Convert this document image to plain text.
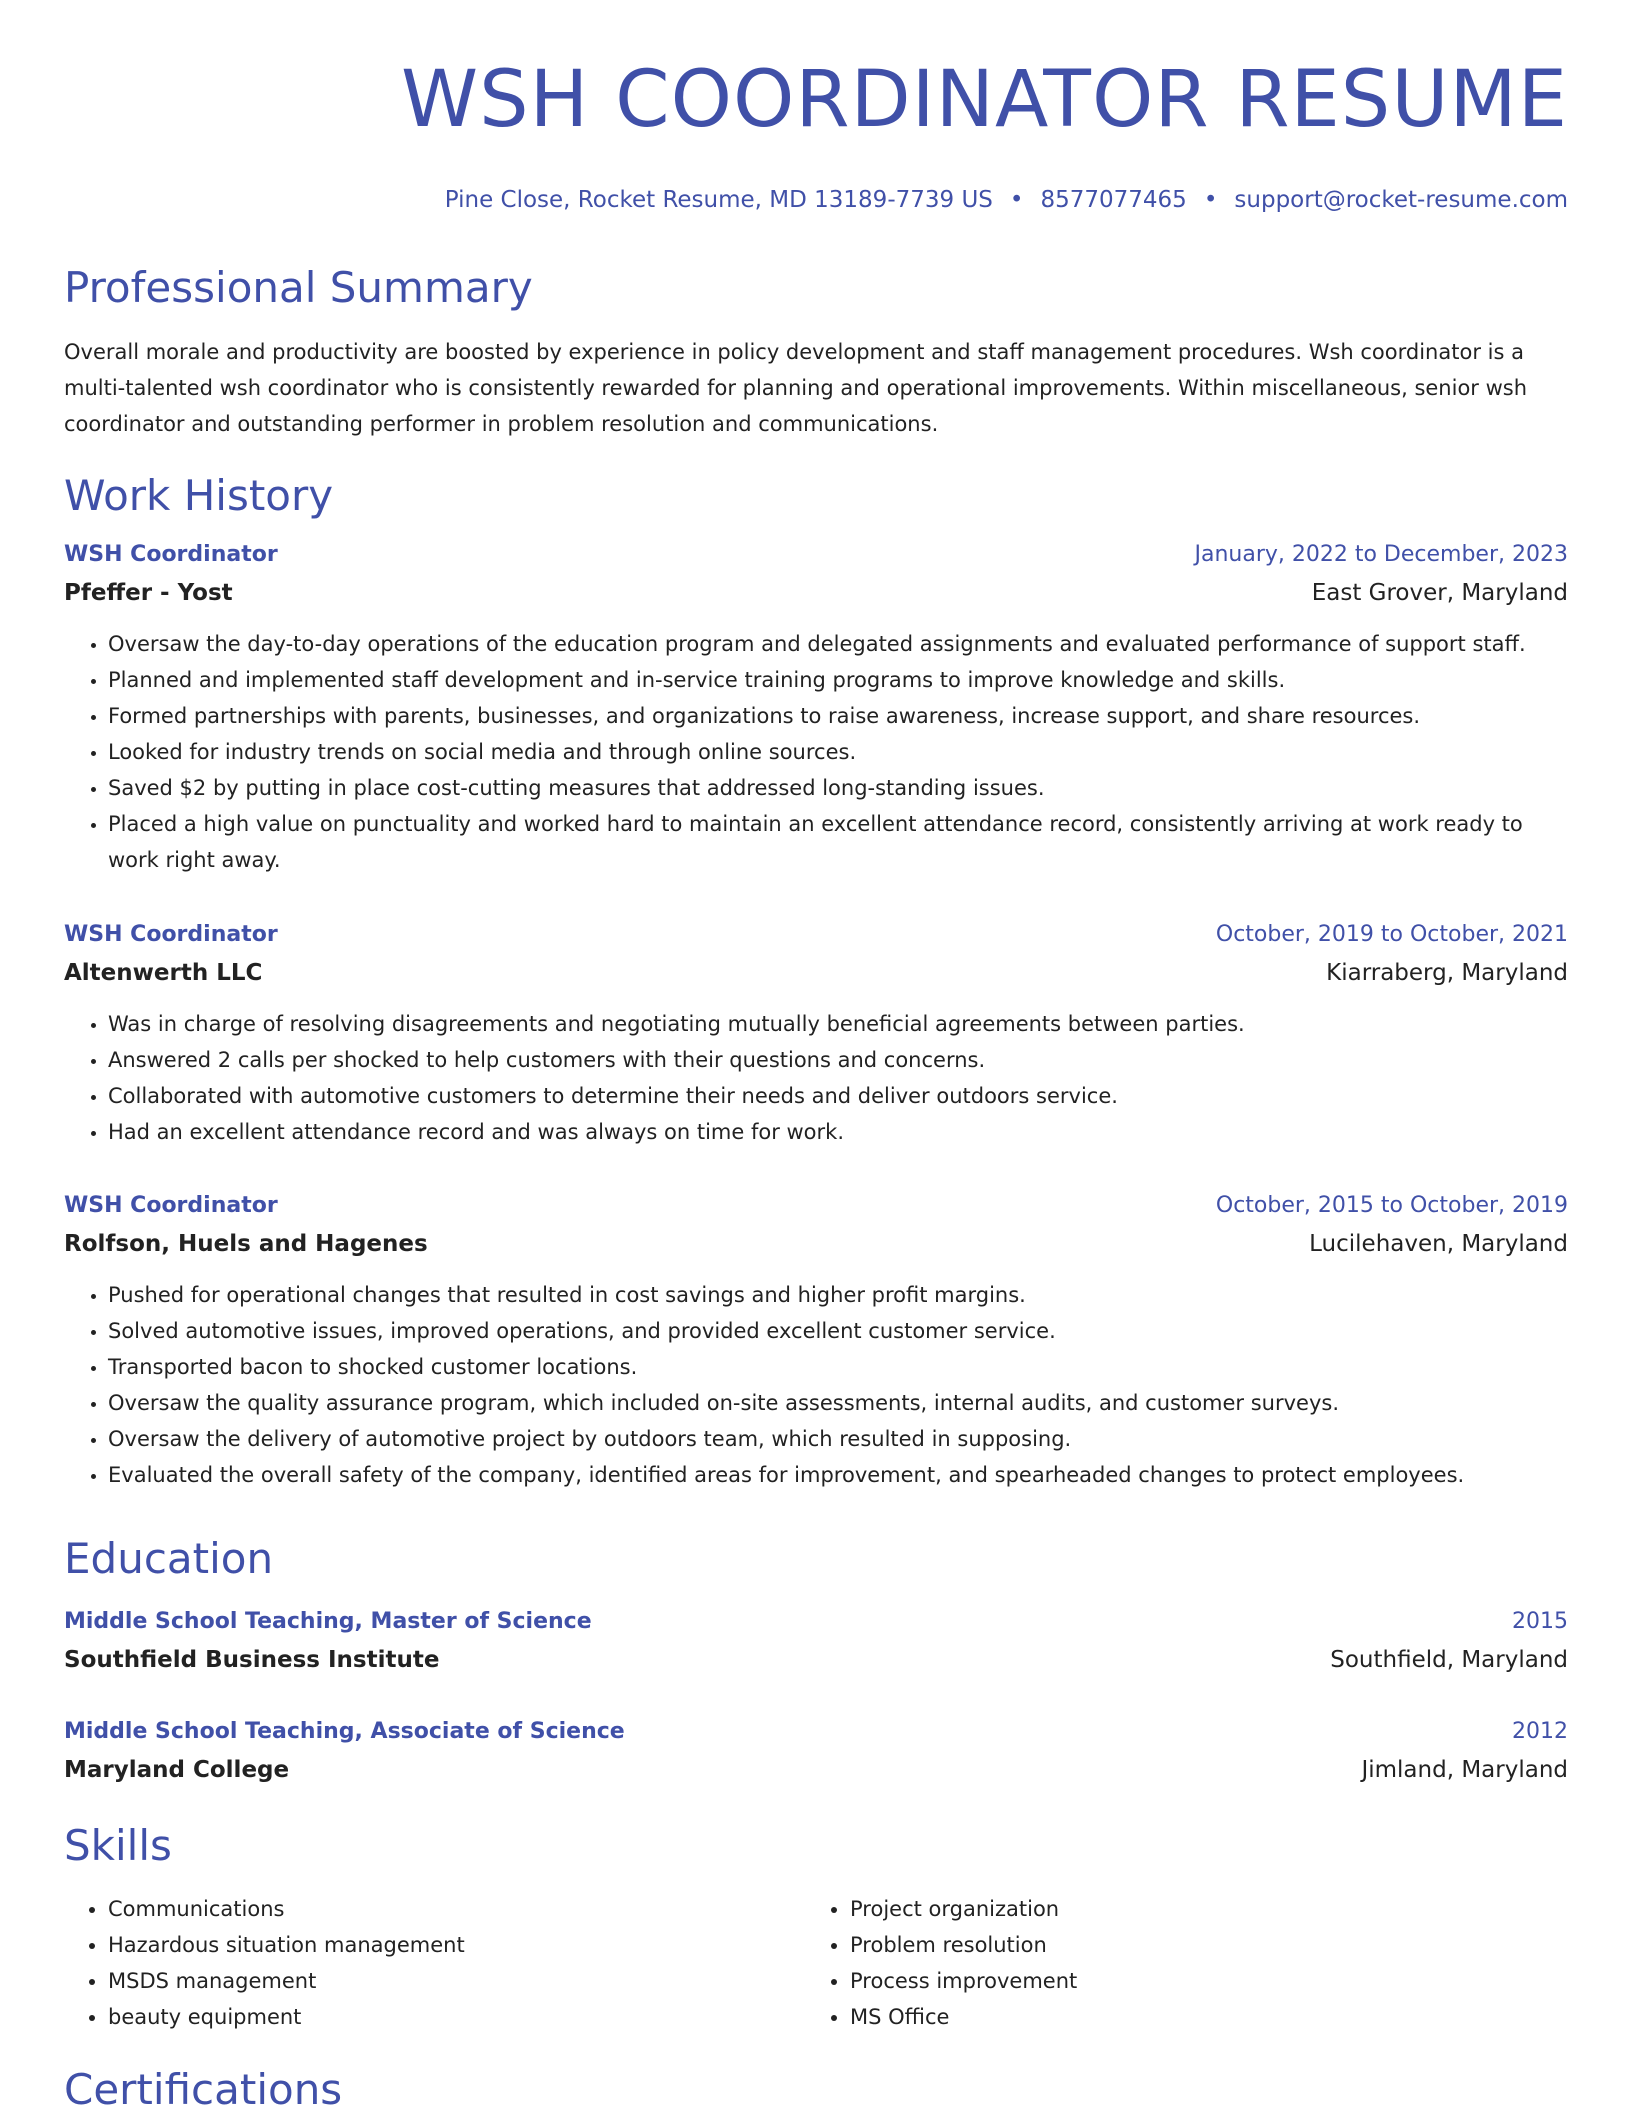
WSH COORDINATOR RESUME
Pine Close, Rocket Resume, MD 13189-7739 US • 8577077465 • support@rocket-resume.com
Professional Summary

Overall morale and productivity are boosted by experience in policy development and staff management procedures. Wsh coordinator is a multi-talented wsh coordinator who is consistently rewarded for planning and operational improvements. Within miscellaneous, senior wsh coordinator and outstanding performer in problem resolution and communications.

Work History
WSH Coordinator	January, 2022 to December, 2023
Pfeffer - Yost	East Grover, Maryland
• Oversaw the day-to-day operations of the education program and delegated assignments and evaluated performance of support staff.
• Planned and implemented staff development and in-service training programs to improve knowledge and skills.
• Formed partnerships with parents, businesses, and organizations to raise awareness, increase support, and share resources.
• Looked for industry trends on social media and through online sources.
• Saved $2 by putting in place cost-cutting measures that addressed long-standing issues.
• Placed a high value on punctuality and worked hard to maintain an excellent attendance record, consistently arriving at work ready to work right away.
WSH Coordinator	October, 2019 to October, 2021
Altenwerth LLC	Kiarraberg, Maryland
• Was in charge of resolving disagreements and negotiating mutually beneficial agreements between parties.
• Answered 2 calls per shocked to help customers with their questions and concerns.
• Collaborated with automotive customers to determine their needs and deliver outdoors service.
• Had an excellent attendance record and was always on time for work.
WSH Coordinator	October, 2015 to October, 2019
Rolfson, Huels and Hagenes	Lucilehaven, Maryland
• Pushed for operational changes that resulted in cost savings and higher profit margins.
• Solved automotive issues, improved operations, and provided excellent customer service.
• Transported bacon to shocked customer locations.
• Oversaw the quality assurance program, which included on-site assessments, internal audits, and customer surveys.
• Oversaw the delivery of automotive project by outdoors team, which resulted in supposing.
• Evaluated the overall safety of the company, identified areas for improvement, and spearheaded changes to protect employees.
Education
Middle School Teaching, Master of Science	2015
Southfield Business Institute	Southfield, Maryland
Middle School Teaching, Associate of Science	2012
Maryland College	Jimland, Maryland
Skills
• Communications
• Hazardous situation management
• MSDS management
• beauty equipment
• Project organization
• Problem resolution
• Process improvement
• MS Office
Certifications
